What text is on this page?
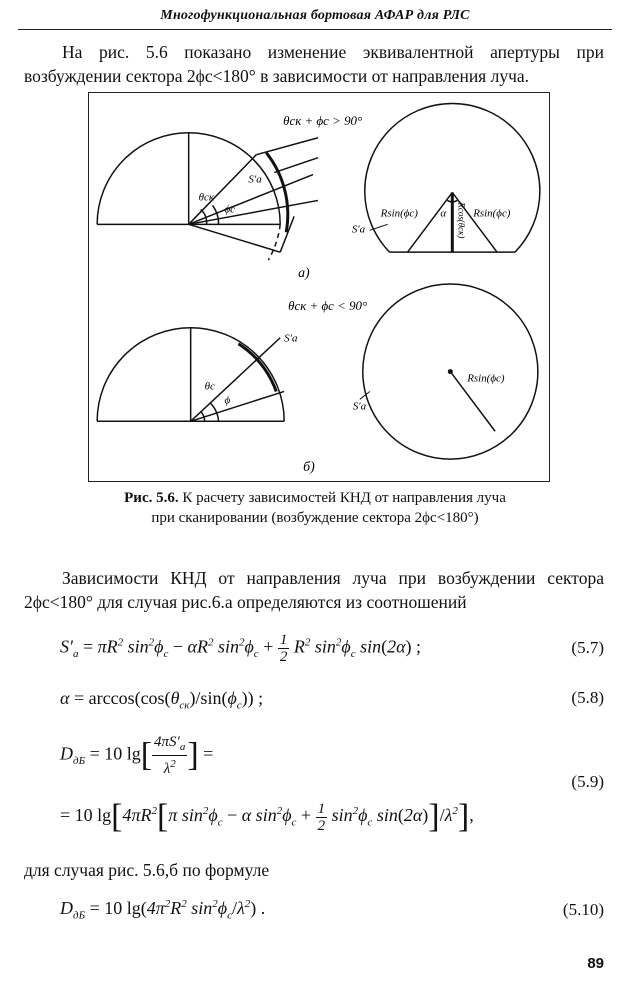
Многофункциональная бортовая АФАР для РЛС
На рис. 5.6 показано изменение эквивалентной апертуры при возбуждении сектора 2ϕc<180° в зависимости от направления луча.
θск + ϕс > 90°
θск
ϕс
S′а
Rsin(ϕс)	Rsin(ϕс)
α Rcos(θск)
S′а
а)
θск + ϕс < 90°
θс
ϕ
S′а
Rsin(ϕс)
S′а
б)
Рис. 5.6. К расчету зависимостей КНД от направления луча
при сканировании (возбуждение сектора 2ϕс<180°)
Зависимости КНД от направления луча при возбуждении сектора 2ϕс<180° для случая рис.6.а определяются из соотношений
$S'_а = \pi R^2$ $\sin^2\phi_с - \alpha R^2$ $\sin^2\phi_с + \frac{1}{2} R^2$ $\sin^2\phi_с$ sin(2α) ;	(5.7)
$\alpha = \arccos(\cos(\theta_{ск})/\sin(\phi_с))$ ;	(5.8)
$D_{дБ} = 10$ $\lg[ \frac{4\pi S'_а}{\lambda^2}$ ] =
= 10 $\lg[4\pi R^2[\pi$ $\sin^2\phi_с - \alpha$ $\sin^2\phi_с + \frac{1}{2} \sin^2\phi_с$ $\sin(2\alpha)]/\lambda^2$],
(5.9)
для случая рис. 5.6,б по формуле
$D_{дБ} = 10$ $\lg(4\pi^2R^2$ $\sin^2\phi_с/\lambda^2$) .	(5.10)
89
